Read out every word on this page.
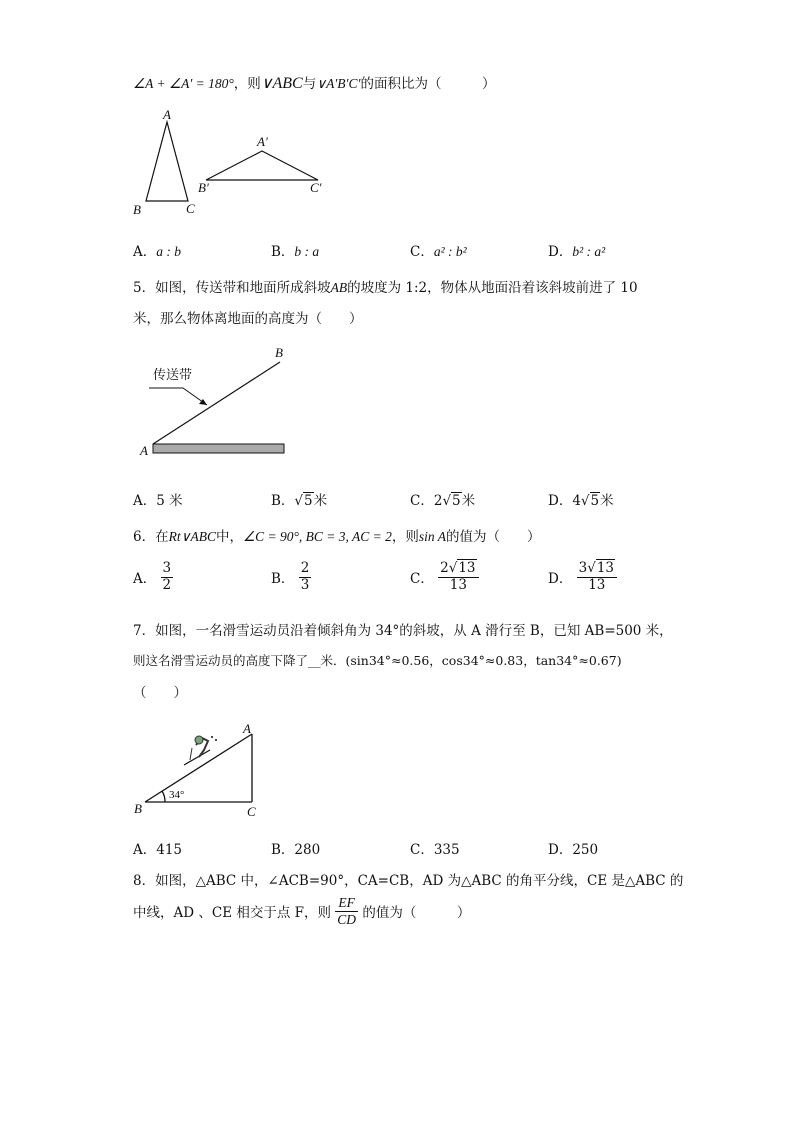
∠A + ∠A′ = 180°，则∨ABC与∨A′B′C′的面积比为（　　　）
A
B	C
A′
B′	C′
A．a : b	B．b : a	C．a² : b²	D．b² : a²
5．如图，传送带和地面所成斜坡AB的坡度为 1:2，物体从地面沿着该斜坡前进了 10
米，那么物体离地面的高度为（　　）
传送带
A
B
A．5 米	B．√5米	C．2√5米	D．4√5米
6．在Rt∨ABC中，∠C = 90°, BC = 3, AC = 2，则sin A的值为（　　）
A． $\frac{3}{2}$	B． $\frac{2}{3}$	C． $\frac{2√13}{13}$	D． $\frac{3√13}{13}$
7．如图，一名滑雪运动员沿着倾斜角为 34°的斜坡，从 A 滑行至 B，已知 AB=500 米，
则这名滑雪运动员的高度下降了__米．(sin34°≈0.56，cos34°≈0.83，tan34°≈0.67)
（　　）
A
B	C
34°
A．415	B．280	C．335	D．250
8．如图，△ABC 中，∠ACB=90°，CA=CB，AD 为△ABC 的角平分线，CE 是△ABC 的
中线，AD 、CE 相交于点 F，则 $\frac{EF}{CD}$ 的值为（　　　）
